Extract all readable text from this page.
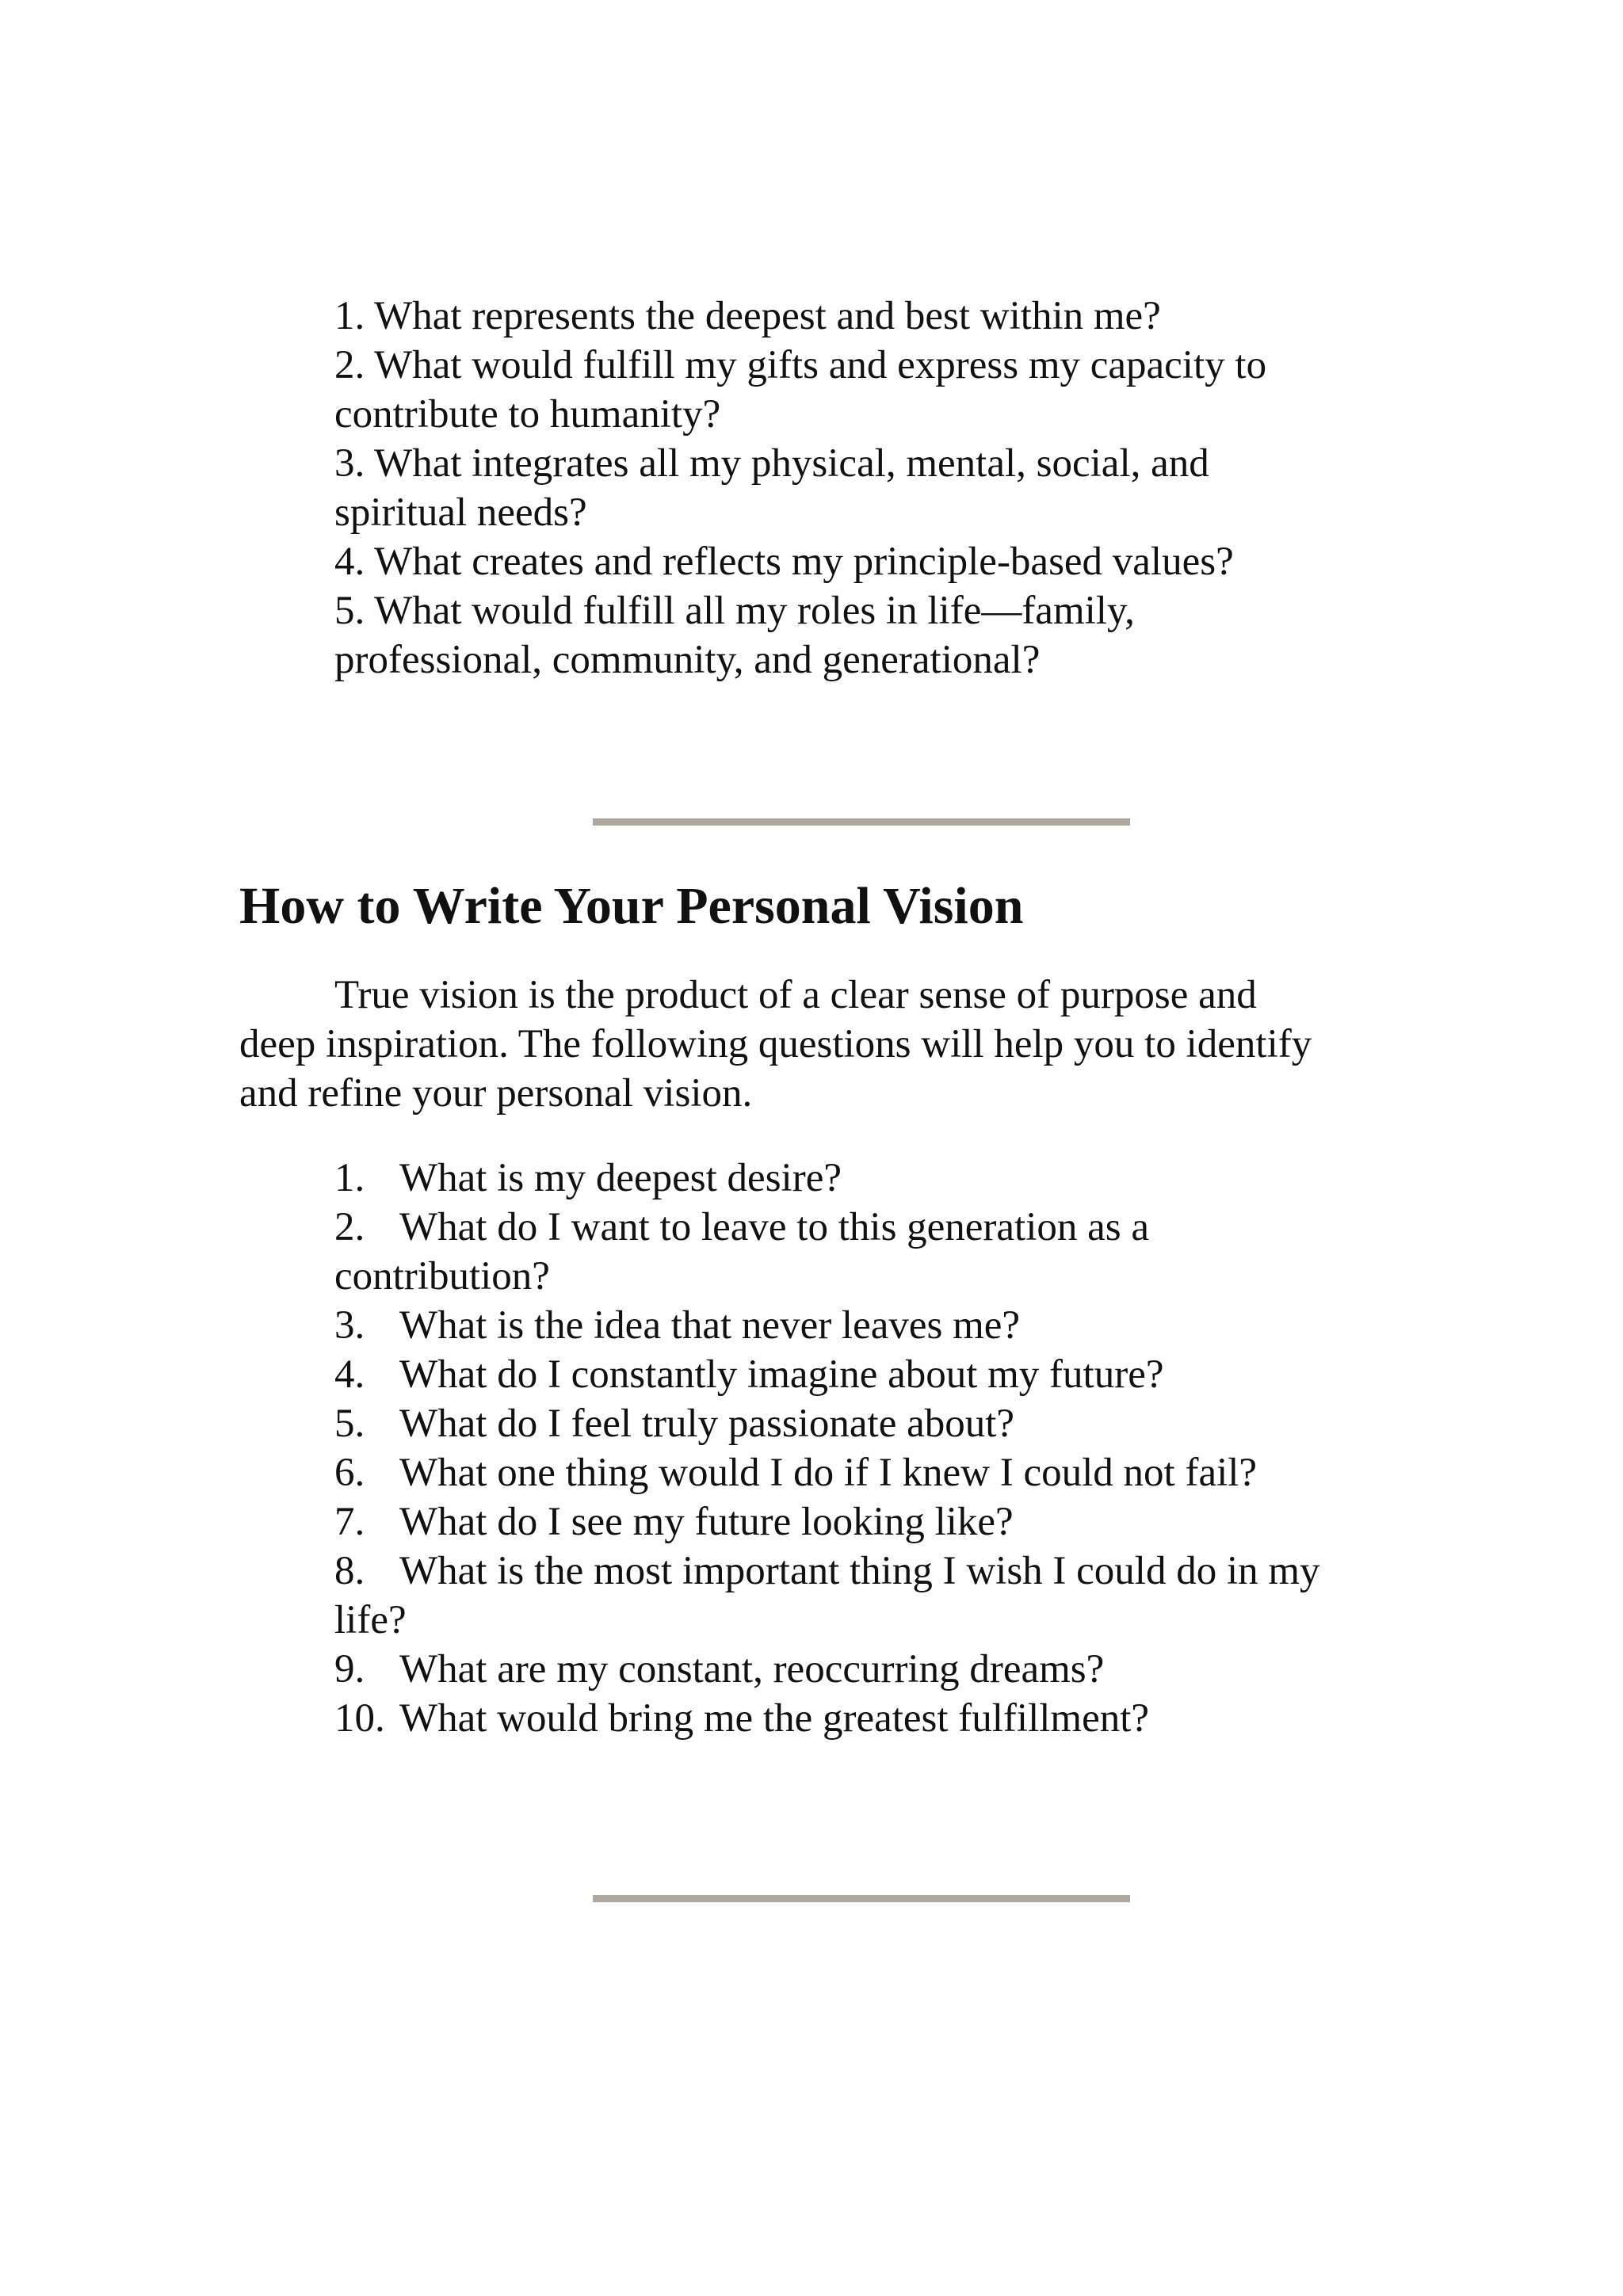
1. What represents the deepest and best within me?

2. What would fulfill my gifts and express my capacity to

contribute to humanity?

3. What integrates all my physical, mental, social, and

spiritual needs?

4. What creates and reflects my principle-based values?

5. What would fulfill all my roles in life—family,

professional, community, and generational?

How to Write Your Personal Vision

True vision is the product of a clear sense of purpose and

deep inspiration. The following questions will help you to identify

and refine your personal vision.

1. What is my deepest desire?

2. What do I want to leave to this generation as a

contribution?

3. What is the idea that never leaves me?

4. What do I constantly imagine about my future?

5. What do I feel truly passionate about?

6. What one thing would I do if I knew I could not fail?

7. What do I see my future looking like?

8. What is the most important thing I wish I could do in my

life?

9. What are my constant, reoccurring dreams?

10. What would bring me the greatest fulfillment?
